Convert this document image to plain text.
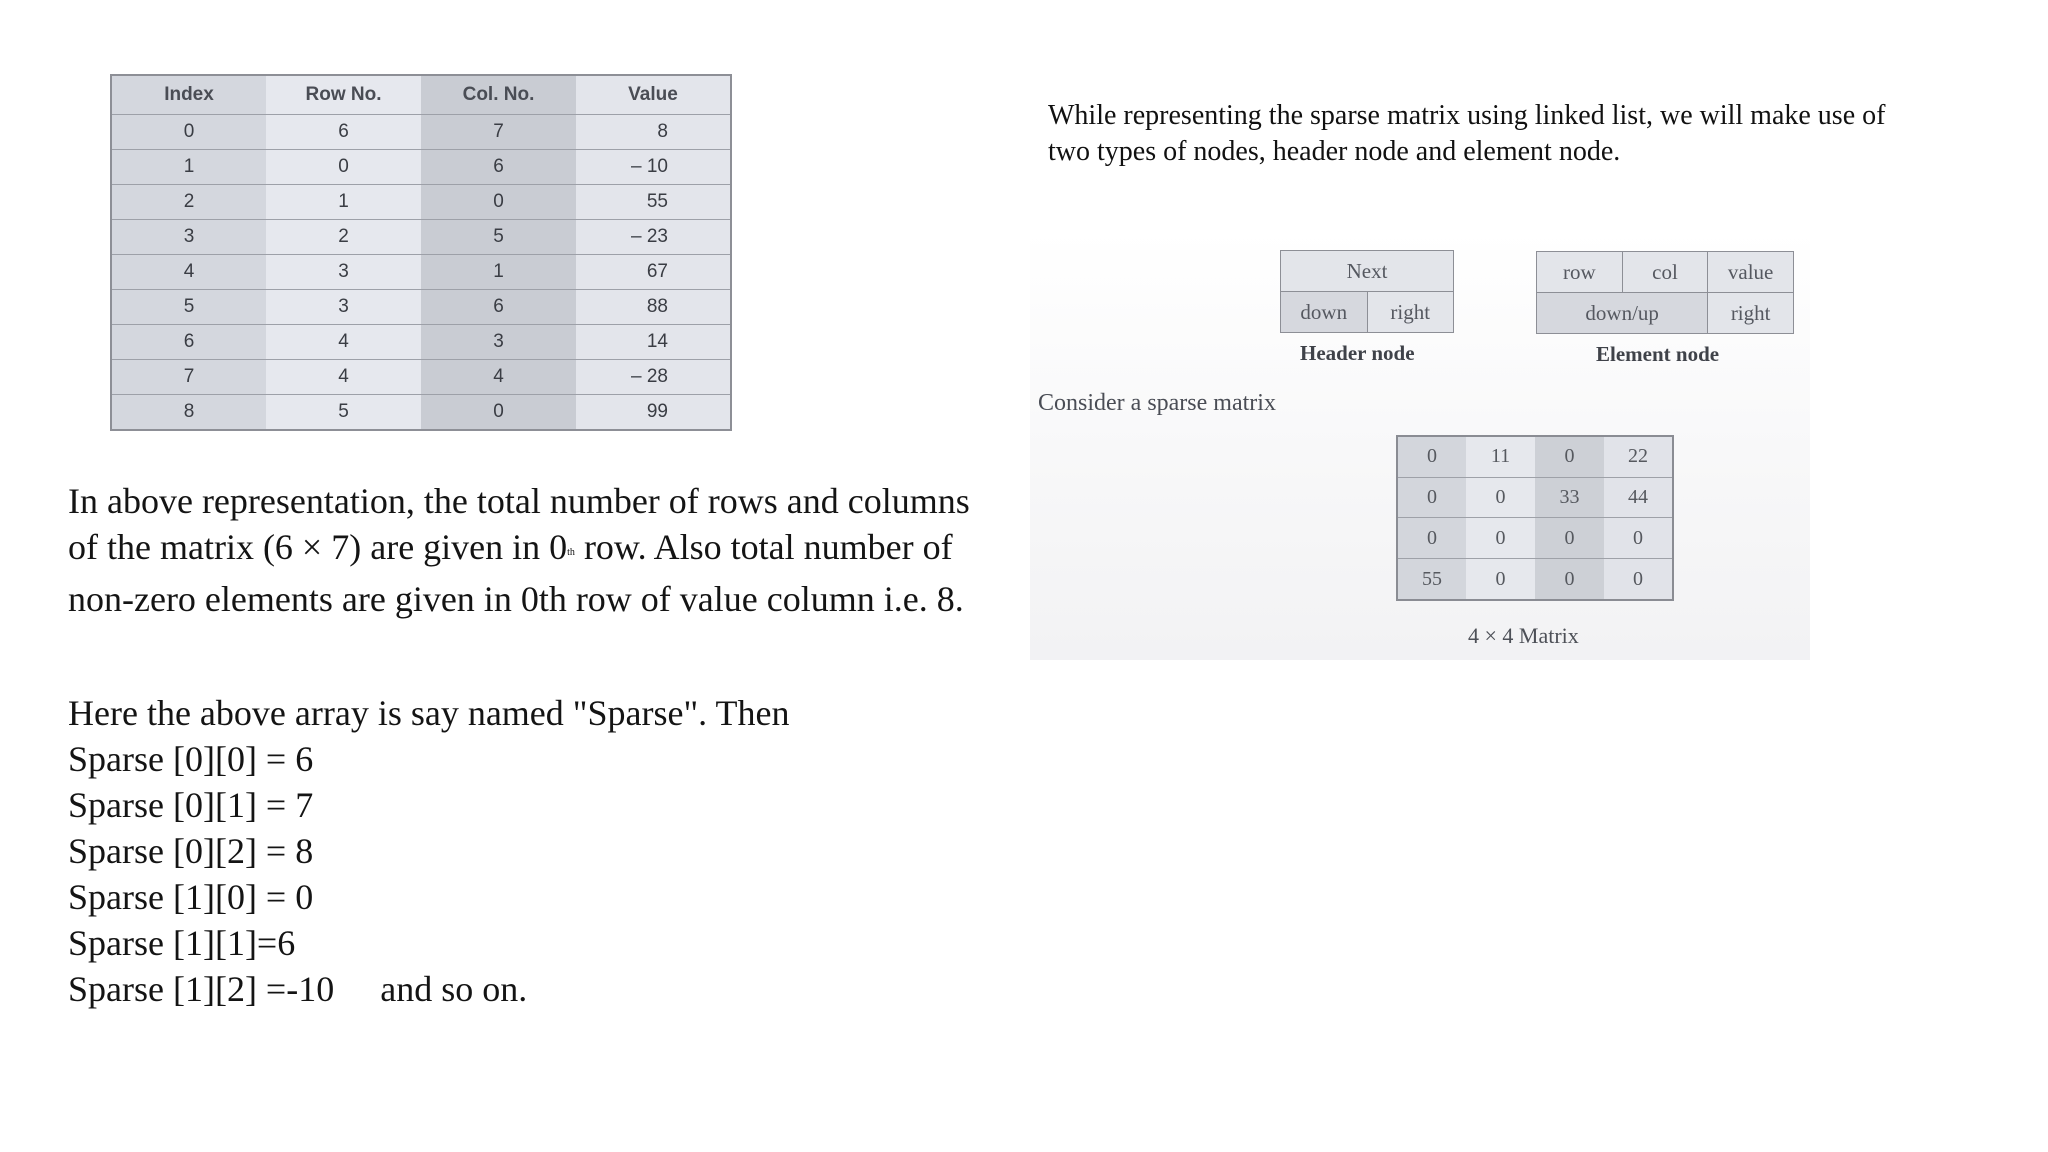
Index	Row No.	Col. No.	Value
0	6	7	8
1	0	6	– 10
2	1	0	55
3	2	5	– 23
4	3	1	67
5	3	6	88
6	4	3	14
7	4	4	– 28
8	5	0	99

In above representation, the total number of rows and columns of the matrix (6 × 7) are given in 0th row. Also total number of non-zero elements are given in 0th row of value column i.e. 8.

Here the above array is say named "Sparse". Then
Sparse [0][0] = 6
Sparse [0][1] = 7
Sparse [0][2] = 8
Sparse [1][0] = 0
Sparse [1][1]=6
Sparse [1][2] =-10 and so on.

While representing the sparse matrix using linked list, we will make use of two types of nodes, header node and element node.

Next
down	right

Header node

row	col	value
down/up		right

Element node

Consider a sparse matrix

0	11	0	22
0	0	33	44
0	0	0	0
55	0	0	0

4 × 4 Matrix
